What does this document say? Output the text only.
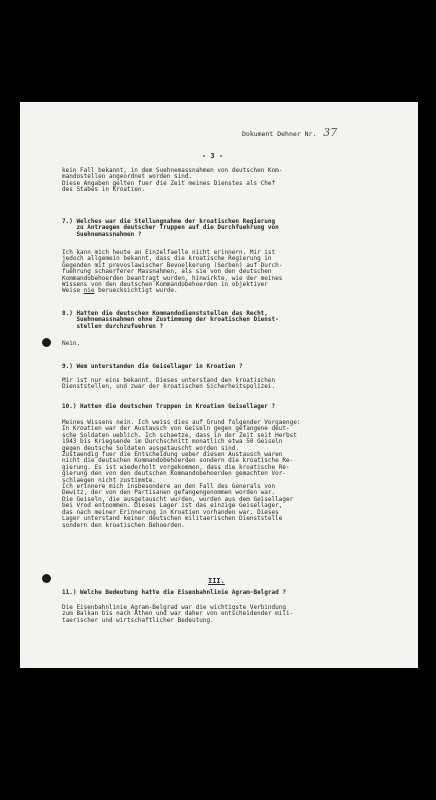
Dokument Dehner Nr. 37
- 3 -
kein Fall bekannt, in dem Suehnemassnahmen von deutschen Kom-
mandostellen angeordnet worden sind.
Diese Angaben gelten fuer die Zeit meines Dienstes als Chef
des Stabes in Kroatien.
7.) Welches war die Stellungnahme der kroatischen Regierung
zu Antraegen deutscher Truppen auf die Durchfuehrung von
Suehnemassnahmen ?
Ich kann mich heute an Einzelfaelle nicht erinnern. Mir ist
jedoch allgemein bekannt, dass die kroatische Regierung in
Gegenden mit prevoslawischer Bevoelkerung (Serben) auf Durch-
fuehrung schaerferer Massnahmen, als sie von den deutschen
Kommandobehoerden beantragt wurden, hinwirkte, wie der meines
Wissens von den deutschen Kommandobehoerden in objektiver
Weise nie beruecksichtigt wurde.
8.) Hatten die deutschen Kommandodienststellen das Recht,
Suehnemassnahmen ohne Zustimmung der kroatischen Dienst-
stellen durchzufuehren ?
Nein.
9.) Wem unterstanden die Geisellager in Kroatien ?
Mir ist nur eins bekannt. Dieses unterstand den kroatischen
Dienststellen, und zwar der kroatischen Sicherheitspolizei.
10.) Hatten die deutschen Truppen in Kroatien Geisellager ?
Meines Wissens nein. Ich weiss dies auf Grund folgender Vorgaenge:
In Kroatien war der Austausch von Geiseln gegen gefangene deut-
sche Soldaten ueblich. Ich schaetze, dass in der Zeit seit Herbst
1943 bis Kriegsende im Durchschnitt monatlich etwa 50 Geiseln
gegen deutsche Soldaten ausgetauscht worden sind.
Zustaendig fuer die Entscheidung ueber diesen Austausch waren
nicht die deutschen Kommandobehoerden sondern die kroatische Re-
gierung. Es ist wiederholt vorgekommen, dass die kroatische Re-
gierung den von den deutschen Kommandobehoerden gemachten Vor-
schlaegen nicht zustimmte.
Ich erinnere mich insbesondere an den Fall des Generals von
Dewitz, der von den Partisanen gefangengenommen worden war.
Die Geiseln, die ausgetauscht wurden, wurden aus dem Geisellager
bei Vrod entnommen. Dieses Lager ist das einzige Geisellager,
das nach meiner Erinnerung in Kroatien vorhanden war. Dieses
Lager unterstand keiner deutschen militaerischen Dienststelle
sondern den kroatischen Behoerden.
III.
11.) Welche Bedeutung hatte die Eisenbahnlinie Agram-Belgrad ?
Die Eisenbahnlinie Agram-Belgrad war die wichtigste Verbindung
zum Balkan bis nach Athen und war daher von entscheidender mili-
taerischer und wirtschaftlicher Bedeutung.
